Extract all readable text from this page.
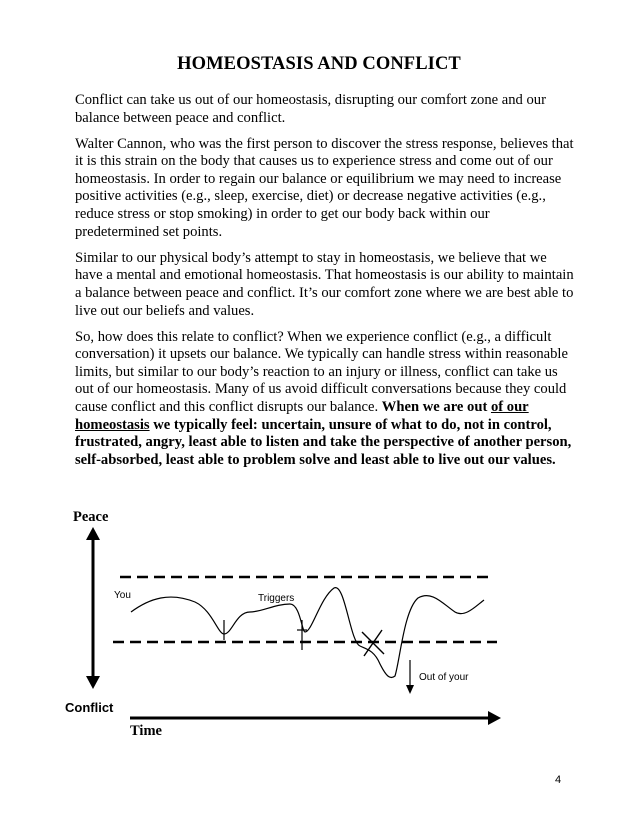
HOMEOSTASIS AND CONFLICT

Conflict can take us out of our homeostasis, disrupting our comfort zone and our balance between peace and conflict.

Walter Cannon, who was the first person to discover the stress response, believes that it is this strain on the body that causes us to experience stress and come out of our homeostasis. In order to regain our balance or equilibrium we may need to increase positive activities (e.g., sleep, exercise, diet) or decrease negative activities (e.g., reduce stress or stop smoking) in order to get our body back within our predetermined set points.

Similar to our physical body’s attempt to stay in homeostasis, we believe that we have a mental and emotional homeostasis. That homeostasis is our ability to maintain a balance between peace and conflict. It’s our comfort zone where we are best able to live out our beliefs and values.

So, how does this relate to conflict? When we experience conflict (e.g., a difficult conversation) it upsets our balance. We typically can handle stress within reasonable limits, but similar to our body’s reaction to an injury or illness, conflict can take us out of our homeostasis. Many of us avoid difficult conversations because they could cause conflict and this conflict disrupts our balance. When we are out of our homeostasis we typically feel: uncertain, unsure of what to do, not in control, frustrated, angry, least able to listen and take the perspective of another person, self-absorbed, least able to problem solve and least able to live out our values.

Peace
Conflict
Time
You	Triggers
Out of your
4
